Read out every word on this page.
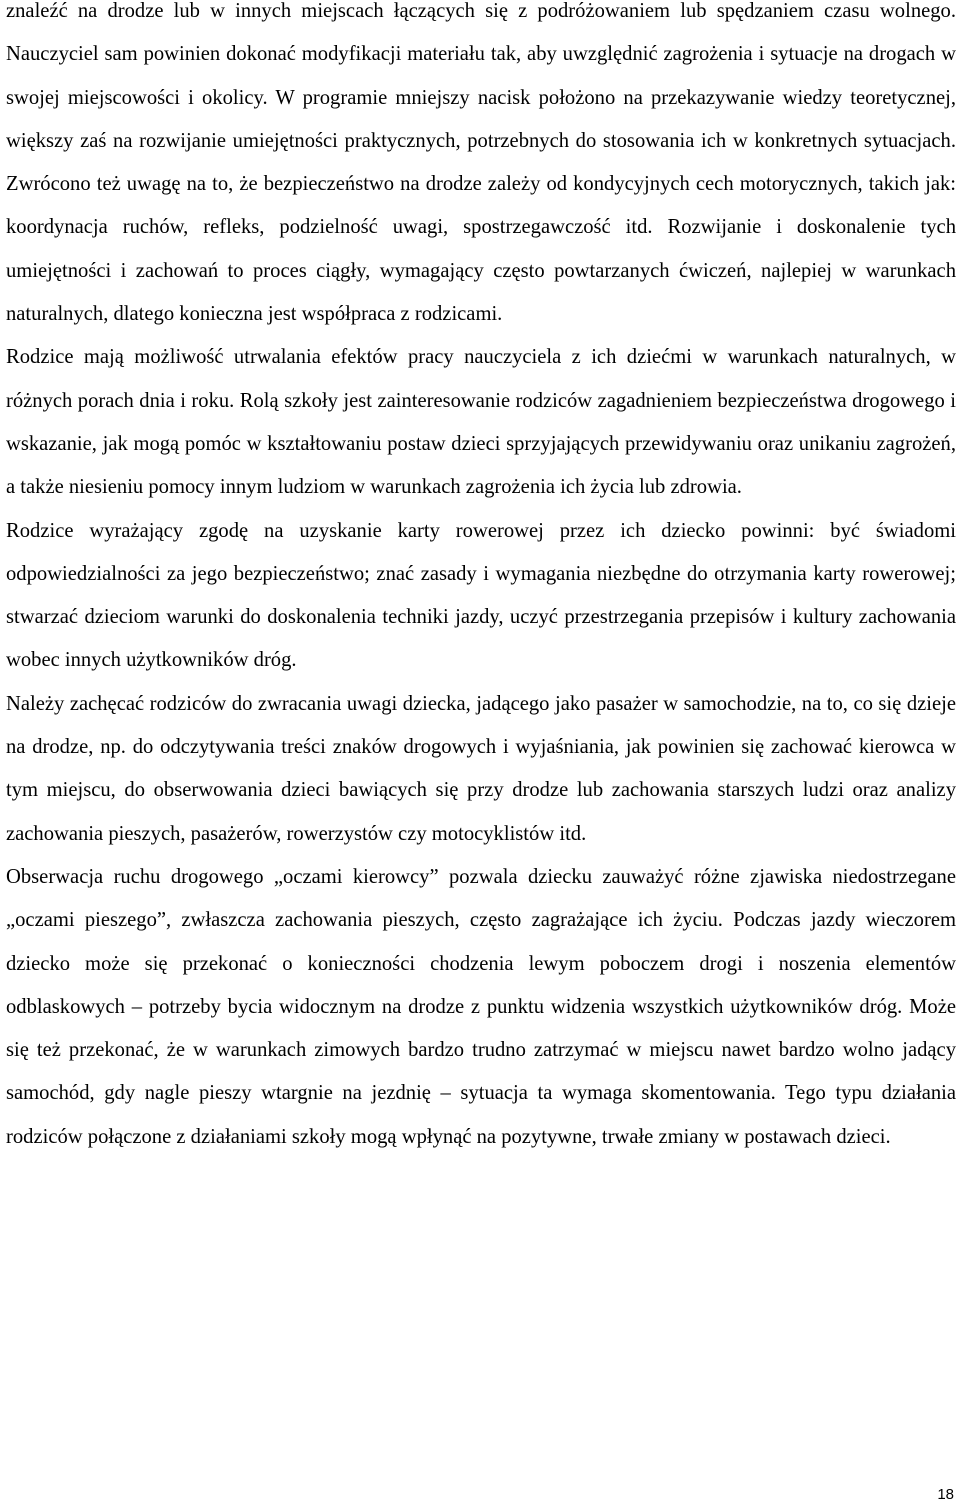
znaleźć na drodze lub w innych miejscach łączących się z podróżowaniem lub spędzaniem czasu wolnego. Nauczyciel sam powinien dokonać modyfikacji materiału tak, aby uwzględnić zagrożenia i sytuacje na drogach w swojej miejscowości i okolicy. W programie mniejszy nacisk położono na przekazywanie wiedzy teoretycznej, większy zaś na rozwijanie umiejętności praktycznych, potrzebnych do stosowania ich w konkretnych sytuacjach. Zwrócono też uwagę na to, że bezpieczeństwo na drodze zależy od kondycyjnych cech motorycznych, takich jak: koordynacja ruchów, refleks, podzielność uwagi, spostrzegawczość itd. Rozwijanie i doskonalenie tych umiejętności i zachowań to proces ciągły, wymagający często powtarzanych ćwiczeń, najlepiej w warunkach naturalnych, dlatego konieczna jest współpraca z rodzicami.

Rodzice mają możliwość utrwalania efektów pracy nauczyciela z ich dziećmi w warunkach naturalnych, w różnych porach dnia i roku. Rolą szkoły jest zainteresowanie rodziców zagadnieniem bezpieczeństwa drogowego i wskazanie, jak mogą pomóc w kształtowaniu postaw dzieci sprzyjających przewidywaniu oraz unikaniu zagrożeń, a także niesieniu pomocy innym ludziom w warunkach zagrożenia ich życia lub zdrowia.

Rodzice wyrażający zgodę na uzyskanie karty rowerowej przez ich dziecko powinni: być świadomi odpowiedzialności za jego bezpieczeństwo; znać zasady i wymagania niezbędne do otrzymania karty rowerowej; stwarzać dzieciom warunki do doskonalenia techniki jazdy, uczyć przestrzegania przepisów i kultury zachowania wobec innych użytkowników dróg.

Należy zachęcać rodziców do zwracania uwagi dziecka, jadącego jako pasażer w samochodzie, na to, co się dzieje na drodze, np. do odczytywania treści znaków drogowych i wyjaśniania, jak powinien się zachować kierowca w tym miejscu, do obserwowania dzieci bawiących się przy drodze lub zachowania starszych ludzi oraz analizy zachowania pieszych, pasażerów, rowerzystów czy motocyklistów itd.

Obserwacja ruchu drogowego „oczami kierowcy” pozwala dziecku zauważyć różne zjawiska niedostrzegane „oczami pieszego”, zwłaszcza zachowania pieszych, często zagrażające ich życiu. Podczas jazdy wieczorem dziecko może się przekonać o konieczności chodzenia lewym poboczem drogi i noszenia elementów odblaskowych – potrzeby bycia widocznym na drodze z punktu widzenia wszystkich użytkowników dróg. Może się też przekonać, że w warunkach zimowych bardzo trudno zatrzymać w miejscu nawet bardzo wolno jadący samochód, gdy nagle pieszy wtargnie na jezdnię – sytuacja ta wymaga skomentowania. Tego typu działania rodziców połączone z działaniami szkoły mogą wpłynąć na pozytywne, trwałe zmiany w postawach dzieci.

18
